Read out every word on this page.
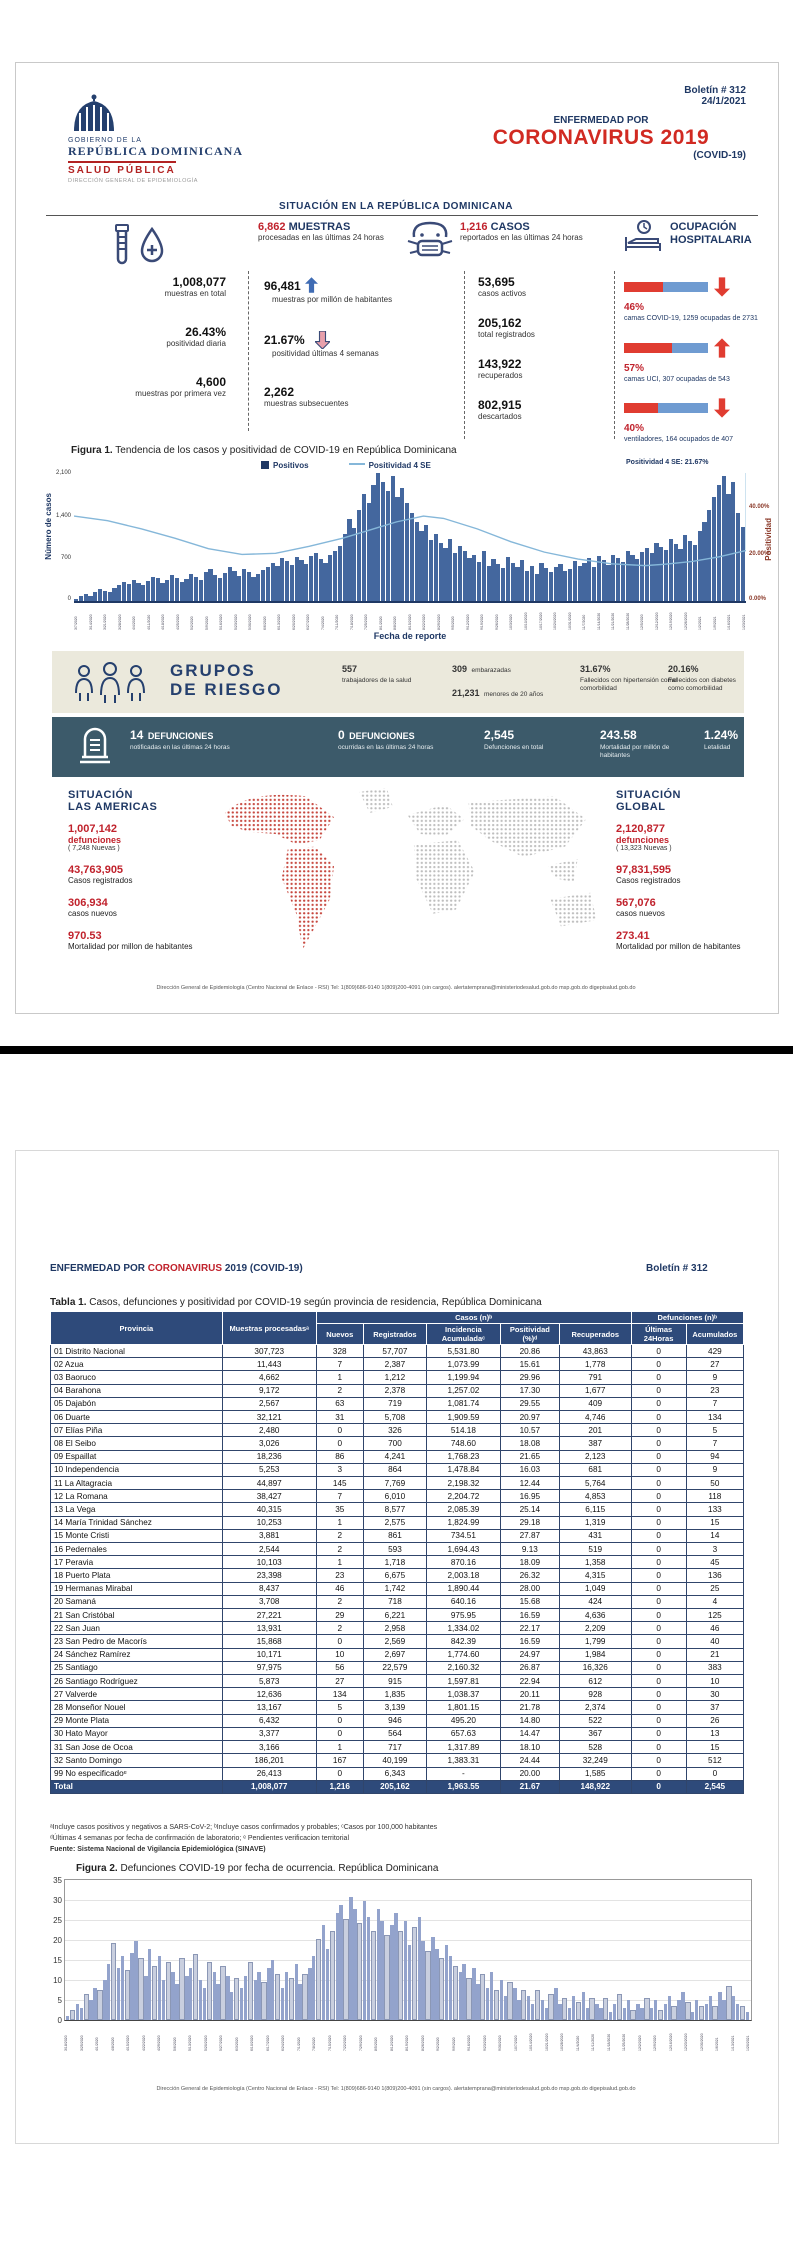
GOBIERNO DE LA
REPÚBLICA DOMINICANA
SALUD PÚBLICA
DIRECCIÓN GENERAL DE EPIDEMIOLOGÍA
Boletín # 312
24/1/2021
ENFERMEDAD POR
CORONAVIRUS 2019
(COVID-19)
SITUACIÓN EN LA REPÚBLICA DOMINICANA
1,008,077
muestras en total
26.43%
positividad diaria
4,600
muestras por primera vez
6,862 MUESTRAS
procesadas en las últimas 24 horas
96,481
muestras por millón de habitantes
21.67%
positividad últimas 4 semanas
2,262
muestras subsecuentes
1,216 CASOS
reportados en las últimas 24 horas
53,695
casos activos
205,162
total registrados
143,922
recuperados
802,915
descartados
OCUPACIÓN HOSPITALARIA
46%
camas COVID-19, 1259 ocupadas de 2731
57%
camas UCI, 307 ocupadas de 543
40%
ventiladores, 164 ocupados de 407
Figura 1. Tendencia de los casos y positividad de COVID-19 en República Dominicana
Positivos	Positividad 4 SE	Positividad 4 SE: 21.67%
2,100
1,400
700
0
40.00%
20.00%
0.00%
Número de casos	Positividad
3/7/2020	3/14/2020	3/21/2020	3/28/2020	4/4/2020	4/11/2020	4/18/2020	4/25/2020	5/2/2020	5/9/2020	5/16/2020	5/23/2020	5/30/2020	6/6/2020	6/13/2020	6/20/2020	6/27/2020	7/4/2020	7/11/2020	7/18/2020	7/25/2020	8/1/2020	8/8/2020	8/15/2020	8/22/2020	8/29/2020	9/5/2020	9/12/2020	9/19/2020	9/26/2020	10/3/2020	10/10/2020	10/17/2020	10/24/2020	10/31/2020	11/7/2020	11/14/2020	11/21/2020	11/28/2020	12/5/2020	12/12/2020	12/19/2020	12/26/2020	1/2/2021	1/9/2021	1/16/2021	1/23/2021
Fecha de reporte
GRUPOS
DE RIESGO
557
trabajadores de la salud
309 embarazadas
21,231 menores de 20 años
31.67%
Fallecidos con hipertensión como comorbilidad
20.16%
Fallecidos con diabetes como comorbilidad
14 DEFUNCIONES
notificadas en las últimas 24 horas
0 DEFUNCIONES
ocurridas en las últimas 24 horas
2,545
Defunciones en total
243.58
Mortalidad por millón de habitantes
1.24%
Letalidad
SITUACIÓN
LAS AMERICAS
1,007,142
defunciones
( 7,248 Nuevas )
43,763,905
Casos registrados
306,934
casos nuevos
970.53
Mortalidad por millon de habitantes
SITUACIÓN
GLOBAL
2,120,877
defunciones
( 13,323 Nuevas )
97,831,595
Casos registrados
567,076
casos nuevos
273.41
Mortalidad por millon de habitantes
Dirección General de Epidemiología (Centro Nacional de Enlace - RSI) Tel: 1(809)686-9140 1(809)200-4091 (sin cargos). alertatemprana@ministeriodesalud.gob.do msp.gob.do digepisalud.gob.do
ENFERMEDAD POR CORONAVIRUS 2019 (COVID-19)	Boletín # 312
Tabla 1. Casos, defunciones y positividad por COVID-19 según provincia de residencia, República Dominicana
Provincia	Muestras procesadasᵃ	Casos (n)ᵇ					Defunciones (n)ᵇ	
		Nuevos	Registrados	Incidencia Acumuladaᶜ	Positividad (%)ᵈ	Recuperados	Últimas 24Horas	Acumulados
01 Distrito Nacional	307,723	328	57,707	5,531.80	20.86	43,863	0	429
02 Azua	11,443	7	2,387	1,073.99	15.61	1,778	0	27
03 Baoruco	4,662	1	1,212	1,199.94	29.96	791	0	9
04 Barahona	9,172	2	2,378	1,257.02	17.30	1,677	0	23
05 Dajabón	2,567	63	719	1,081.74	29.55	409	0	7
06 Duarte	32,121	31	5,708	1,909.59	20.97	4,746	0	134
07 Elías Piña	2,480	0	326	514.18	10.57	201	0	5
08 El Seibo	3,026	0	700	748.60	18.08	387	0	7
09 Espaillat	18,236	86	4,241	1,768.23	21.65	2,123	0	94
10 Independencia	5,253	3	864	1,478.84	16.03	681	0	9
11 La Altagracia	44,897	145	7,769	2,198.32	12.44	5,764	0	50
12 La Romana	38,427	7	6,010	2,204.72	16.95	4,853	0	118
13 La Vega	40,315	35	8,577	2,085.39	25.14	6,115	0	133
14 María Trinidad Sánchez	10,253	1	2,575	1,824.99	29.18	1,319	0	15
15 Monte Cristi	3,881	2	861	734.51	27.87	431	0	14
16 Pedernales	2,544	2	593	1,694.43	9.13	519	0	3
17 Peravia	10,103	1	1,718	870.16	18.09	1,358	0	45
18 Puerto Plata	23,398	23	6,675	2,003.18	26.32	4,315	0	136
19 Hermanas Mirabal	8,437	46	1,742	1,890.44	28.00	1,049	0	25
20 Samaná	3,708	2	718	640.16	15.68	424	0	4
21 San Cristóbal	27,221	29	6,221	975.95	16.59	4,636	0	125
22 San Juan	13,931	2	2,958	1,334.02	22.17	2,209	0	46
23 San Pedro de Macorís	15,868	0	2,569	842.39	16.59	1,799	0	40
24 Sánchez Ramírez	10,171	10	2,697	1,774.60	24.97	1,984	0	21
25 Santiago	97,975	56	22,579	2,160.32	26.87	16,326	0	383
26 Santiago Rodríguez	5,873	27	915	1,597.81	22.94	612	0	10
27 Valverde	12,636	134	1,835	1,038.37	20.11	928	0	30
28 Monseñor Nouel	13,167	5	3,139	1,801.15	21.78	2,374	0	37
29 Monte Plata	6,432	0	946	495.20	14.80	522	0	26
30 Hato Mayor	3,377	0	564	657.63	14.47	367	0	13
31 San Jose de Ocoa	3,166	1	717	1,317.89	18.10	528	0	15
32 Santo Domingo	186,201	167	40,199	1,383.31	24.44	32,249	0	512
99 No especificadoᵉ	26,413	0	6,343	-	20.00	1,585	0	0
Total	1,008,077	1,216	205,162	1,963.55	21.67	148,922	0	2,545
ᵃIncluye casos positivos y negativos a SARS-CoV-2; ᵇIncluye casos confirmados y probables; ᶜCasos por 100,000 habitantes
ᵈÚltimas 4 semanas por fecha de confirmación de laboratorio; ᵉ Pendientes verificacion territorial
Fuente: Sistema Nacional de Vigilancia Epidemiológica (SINAVE)
Figura 2. Defunciones COVID-19 por fecha de ocurrencia. República Dominicana
35
30
25
20
15
10
5
0
3/18/2020	3/25/2020	4/1/2020	4/8/2020	4/15/2020	4/22/2020	4/29/2020	5/6/2020	5/13/2020	5/20/2020	5/27/2020	6/3/2020	6/10/2020	6/17/2020	6/24/2020	7/1/2020	7/8/2020	7/15/2020	7/22/2020	7/29/2020	8/5/2020	8/12/2020	8/19/2020	8/26/2020	9/2/2020	9/9/2020	9/16/2020	9/23/2020	9/30/2020	10/7/2020	10/14/2020	10/21/2020	10/28/2020	11/4/2020	11/11/2020	11/18/2020	11/25/2020	12/2/2020	12/9/2020	12/16/2020	12/23/2020	12/30/2020	1/6/2021	1/13/2021	1/20/2021
Dirección General de Epidemiología (Centro Nacional de Enlace - RSI) Tel: 1(809)686-9140 1(809)200-4091 (sin cargos). alertatemprana@ministeriodesalud.gob.do msp.gob.do digepisalud.gob.do
